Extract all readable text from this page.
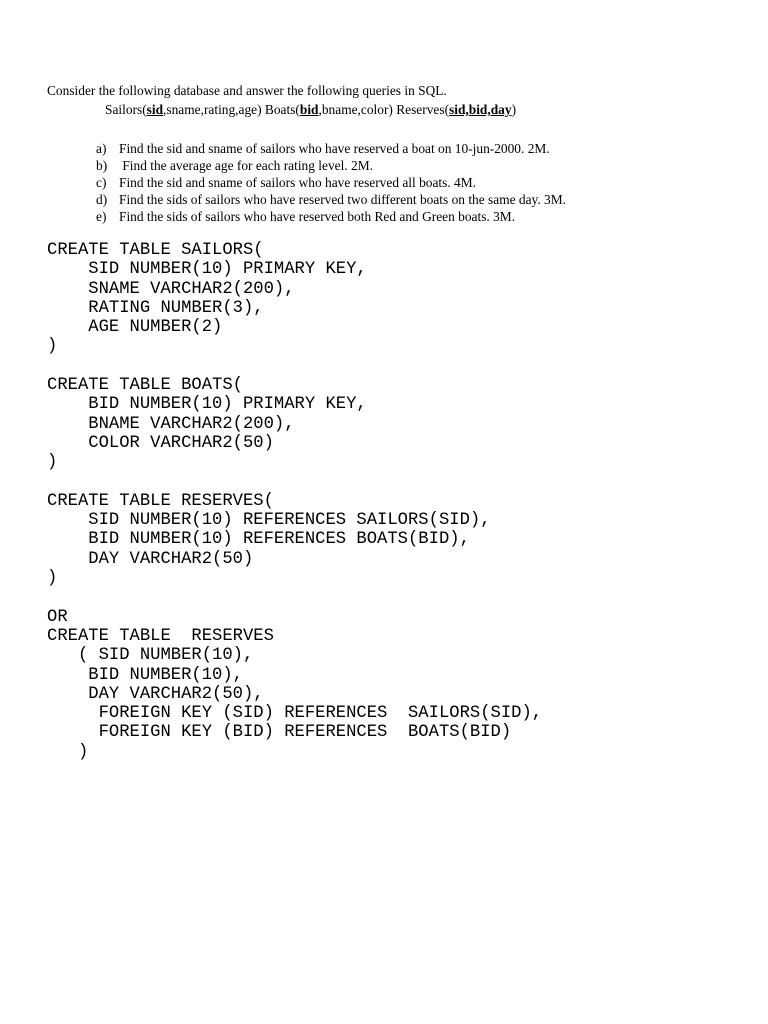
Consider the following database and answer the following queries in SQL.
Sailors(sid,sname,rating,age) Boats(bid,bname,color) Reserves(sid,bid,day)
a) Find the sid and sname of sailors who have reserved a boat on 10-jun-2000. 2M.
b) Find the average age for each rating level. 2M.
c) Find the sid and sname of sailors who have reserved all boats. 4M.
d) Find the sids of sailors who have reserved two different boats on the same day. 3M.
e) Find the sids of sailors who have reserved both Red and Green boats. 3M.
CREATE TABLE SAILORS(
SID NUMBER(10) PRIMARY KEY,
SNAME VARCHAR2(200),
RATING NUMBER(3),
AGE NUMBER(2)
)

CREATE TABLE BOATS(
BID NUMBER(10) PRIMARY KEY,
BNAME VARCHAR2(200),
COLOR VARCHAR2(50)
)

CREATE TABLE RESERVES(
SID NUMBER(10) REFERENCES SAILORS(SID),
BID NUMBER(10) REFERENCES BOATS(BID),
DAY VARCHAR2(50)
)

OR
CREATE TABLE  RESERVES
( SID NUMBER(10),
BID NUMBER(10),
DAY VARCHAR2(50),
FOREIGN KEY (SID) REFERENCES  SAILORS(SID),
FOREIGN KEY (BID) REFERENCES  BOATS(BID)
)
